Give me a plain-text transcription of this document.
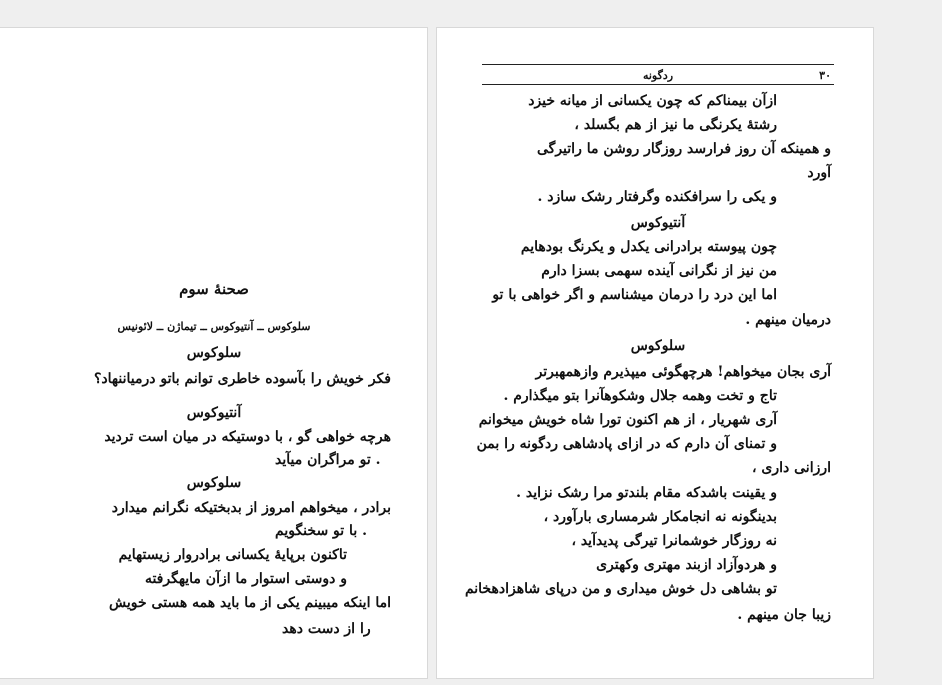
صحنهٔ سوم
سلوکوس ــ آنتیوکوس ــ تیماژن ــ لائونیس
سلوکوس
فکر خویش را بآسوده خاطری توانم باتو درمیاننهاد؟
آنتیوکوس
هرچه خواهی گو ، با دوستیکه در میان است تردید
تو مراگران میآید .
سلوکوس
برادر ، میخواهم امروز از بدبختیکه نگرانم میدارد
با تو سخنگویم .
تاکنون برپایهٔ یکسانی برادروار زیستهایم
و دوستی استوار ما ازآن مایهگرفته
اما اینکه میبینم یکی از ما باید همه هستی خویش
را از دست دهد
۳۰
ردگونه
ازآن بیمناکم که چون یکسانی از میانه خیزد
رشتهٔ یکرنگی ما نیز از هم بگسلد ،
و همینکه آن روز فرارسد روزگار روشن ما راتیرگی
آورد
و یکی را سرافکنده وگرفتار رشک سازد .
آنتیوکوس
چون پیوسته برادرانی یکدل و یکرنگ بودهایم
من نیز از نگرانی آینده سهمی بسزا دارم
اما این درد را درمان میشناسم و اگر خواهی با تو
درمیان مینهم .
سلوکوس
آری بجان میخواهم! هرچهگوئی میپذیرم وازهمهبرتر
تاج و تخت وهمه جلال وشکوهآنرا بتو میگذارم .
آری شهریار ، از هم اکنون تورا شاه خویش میخوانم
و تمنای آن دارم که در ازای پادشاهی ردگونه را بمن
ارزانی داری ،
و یقینت باشدکه مقام بلندتو مرا رشک نزاید .
بدینگونه نه انجامکار شرمساری بارآورد ،
نه روزگار خوشمانرا تیرگی پدیدآید ،
و هردوآزاد ازبند مهتری وکهتری
تو بشاهی دل خوش میداری و من درپای شاهزادهخانم
زیبا جان مینهم .
